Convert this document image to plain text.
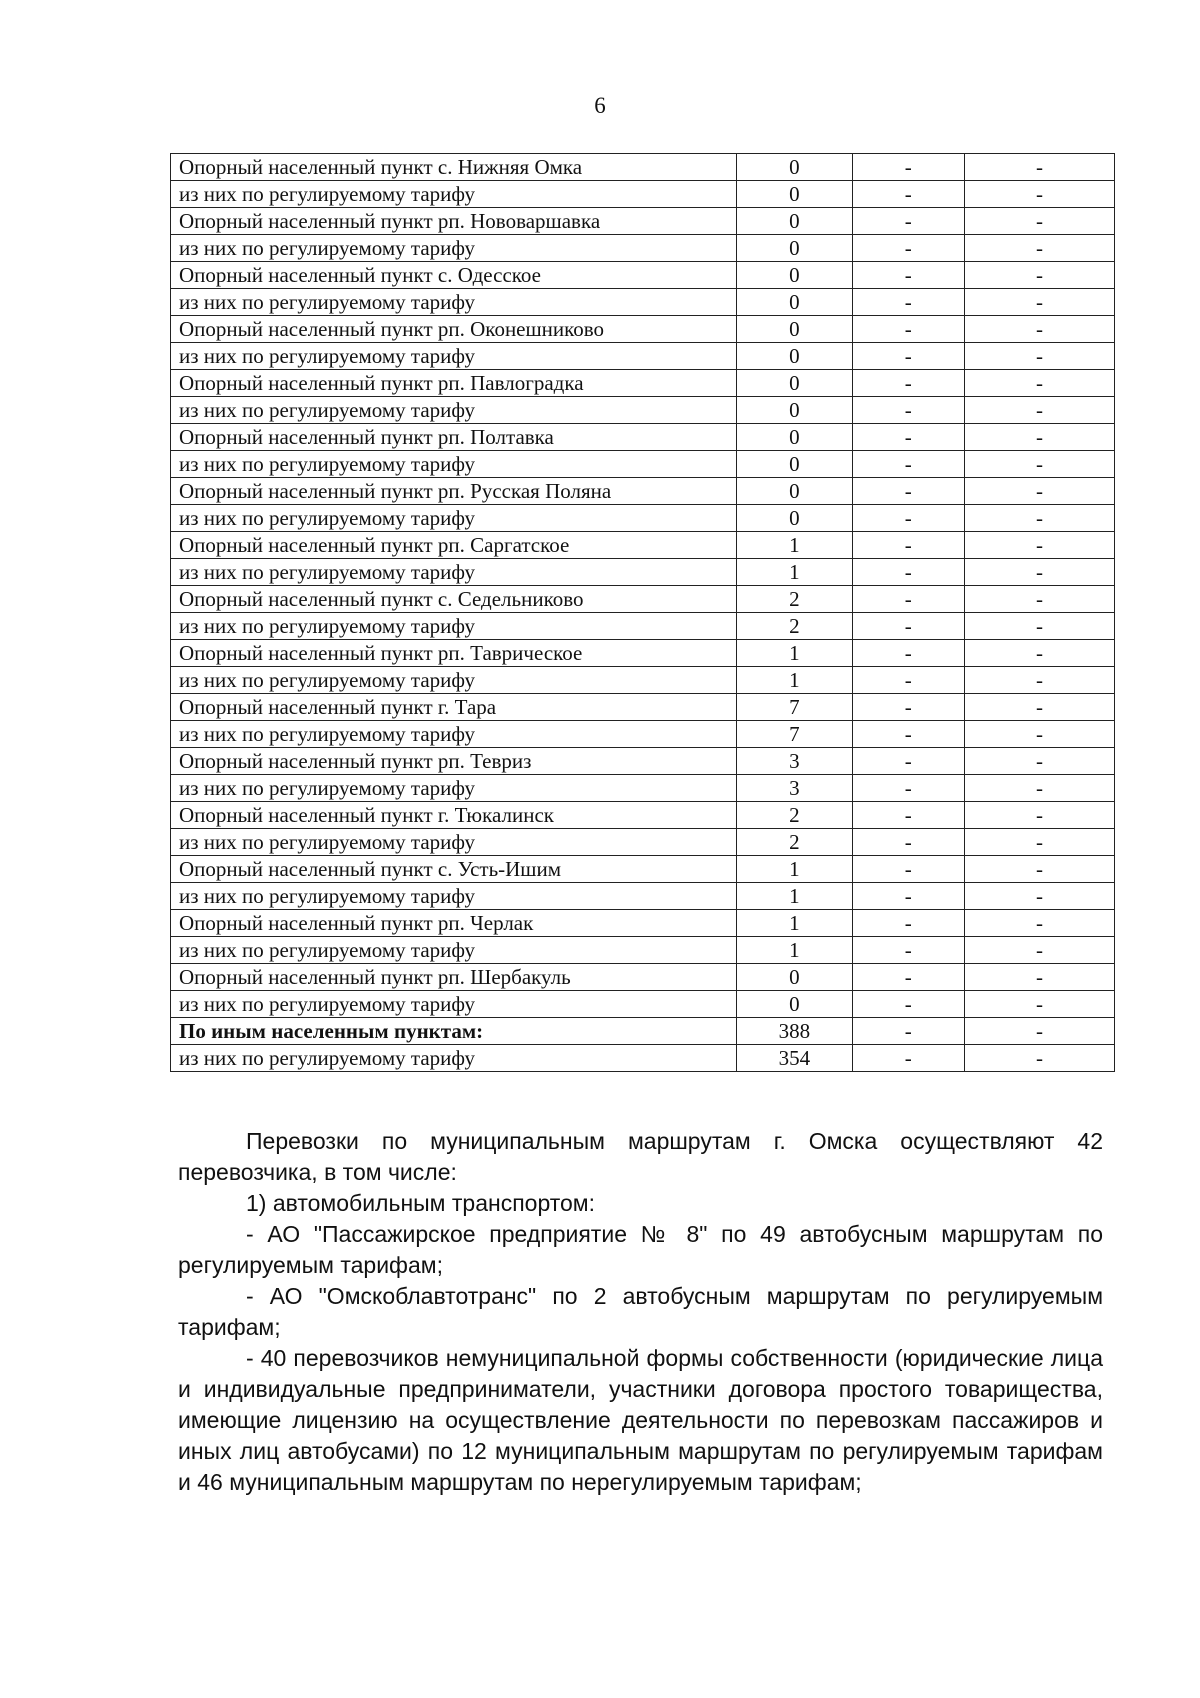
6
Опорный населенный пункт с. Нижняя Омка	0	-	-
из них по регулируемому тарифу	0	-	-
Опорный населенный пункт рп. Нововаршавка	0	-	-
из них по регулируемому тарифу	0	-	-
Опорный населенный пункт с. Одесское	0	-	-
из них по регулируемому тарифу	0	-	-
Опорный населенный пункт рп. Оконешниково	0	-	-
из них по регулируемому тарифу	0	-	-
Опорный населенный пункт рп. Павлоградка	0	-	-
из них по регулируемому тарифу	0	-	-
Опорный населенный пункт рп. Полтавка	0	-	-
из них по регулируемому тарифу	0	-	-
Опорный населенный пункт рп. Русская Поляна	0	-	-
из них по регулируемому тарифу	0	-	-
Опорный населенный пункт рп. Саргатское	1	-	-
из них по регулируемому тарифу	1	-	-
Опорный населенный пункт с. Седельниково	2	-	-
из них по регулируемому тарифу	2	-	-
Опорный населенный пункт рп. Таврическое	1	-	-
из них по регулируемому тарифу	1	-	-
Опорный населенный пункт г. Тара	7	-	-
из них по регулируемому тарифу	7	-	-
Опорный населенный пункт рп. Тевриз	3	-	-
из них по регулируемому тарифу	3	-	-
Опорный населенный пункт г. Тюкалинск	2	-	-
из них по регулируемому тарифу	2	-	-
Опорный населенный пункт с. Усть-Ишим	1	-	-
из них по регулируемому тарифу	1	-	-
Опорный населенный пункт рп. Черлак	1	-	-
из них по регулируемому тарифу	1	-	-
Опорный населенный пункт рп. Шербакуль	0	-	-
из них по регулируемому тарифу	0	-	-
По иным населенным пунктам:	388	-	-
из них по регулируемому тарифу	354	-	-

Перевозки по муниципальным маршрутам г. Омска осуществляют 42 перевозчика, в том числе:

1) автомобильным транспортом:

- АО "Пассажирское предприятие № 8" по 49 автобусным маршрутам по регулируемым тарифам;

- АО "Омскоблавтотранс" по 2 автобусным маршрутам по регулируемым тарифам;

- 40 перевозчиков немуниципальной формы собственности (юридические лица и индивидуальные предприниматели, участники договора простого товарищества, имеющие лицензию на осуществление деятельности по перевозкам пассажиров и иных лиц автобусами) по 12 муниципальным маршрутам по регулируемым тарифам и 46 муниципальным маршрутам по нерегулируемым тарифам;
